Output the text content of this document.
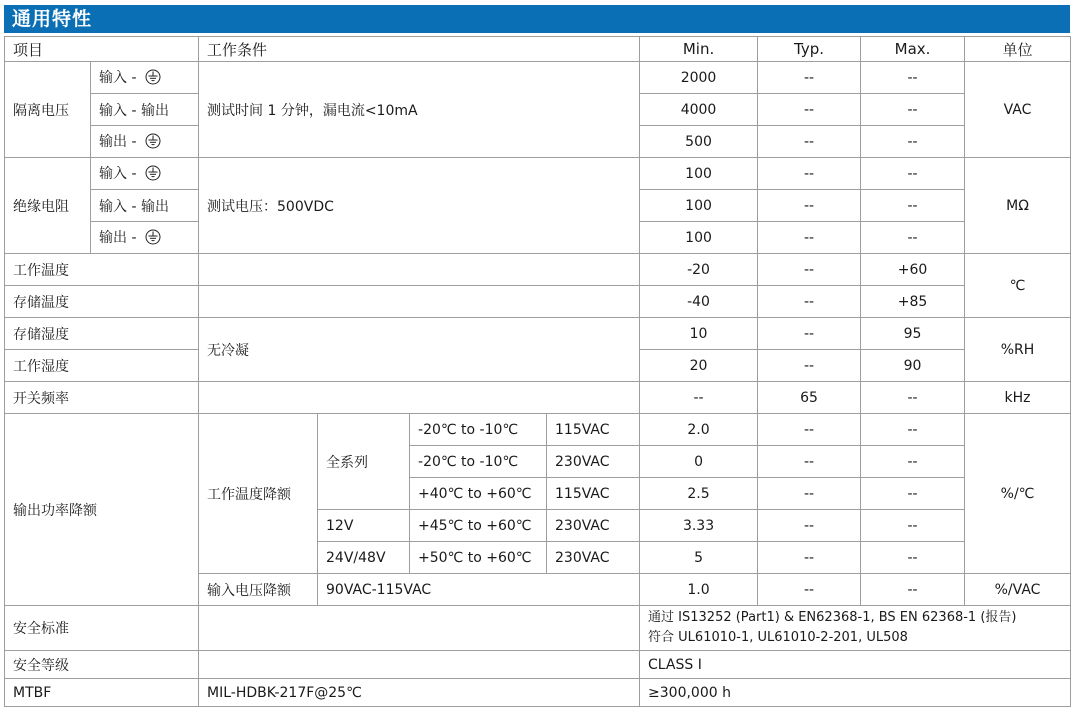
通用特性
项目		工作条件				Min.	Typ.	Max.	单位
隔离电压	输入 -	测试时间 1 分钟，漏电流<10mA				2000	--	--	VAC
	输入 - 输出					4000	--	--	
	输出 -					500	--	--	
绝缘电阻	输入 -	测试电压：500VDC				100	--	--	MΩ
	输入 - 输出					100	--	--	
	输出 -					100	--	--	
工作温度						-20	--	+60	℃
存储温度						-40	--	+85	
存储湿度		无冷凝				10	--	95	%RH
工作湿度						20	--	90	
开关频率						--	65	--	kHz
输出功率降额		工作温度降额	全系列	-20℃ to -10℃	115VAC	2.0	--	--	%/℃
				-20℃ to -10℃	230VAC	0	--	--	
				+40℃ to +60℃	115VAC	2.5	--	--	
			12V	+45℃ to +60℃	230VAC	3.33	--	--	
			24V/48V	+50℃ to +60℃	230VAC	5	--	--	
		输入电压降额	90VAC-115VAC			1.0	--	--	%/VAC
安全标准						通过 IS13252 (Part1) & EN62368-1, BS EN 62368-1 (报告)
符合 UL61010-1, UL61010-2-201, UL508			

安全等级						CLASS I			
MTBF		MIL-HDBK-217F@25℃				≥300,000 h			
